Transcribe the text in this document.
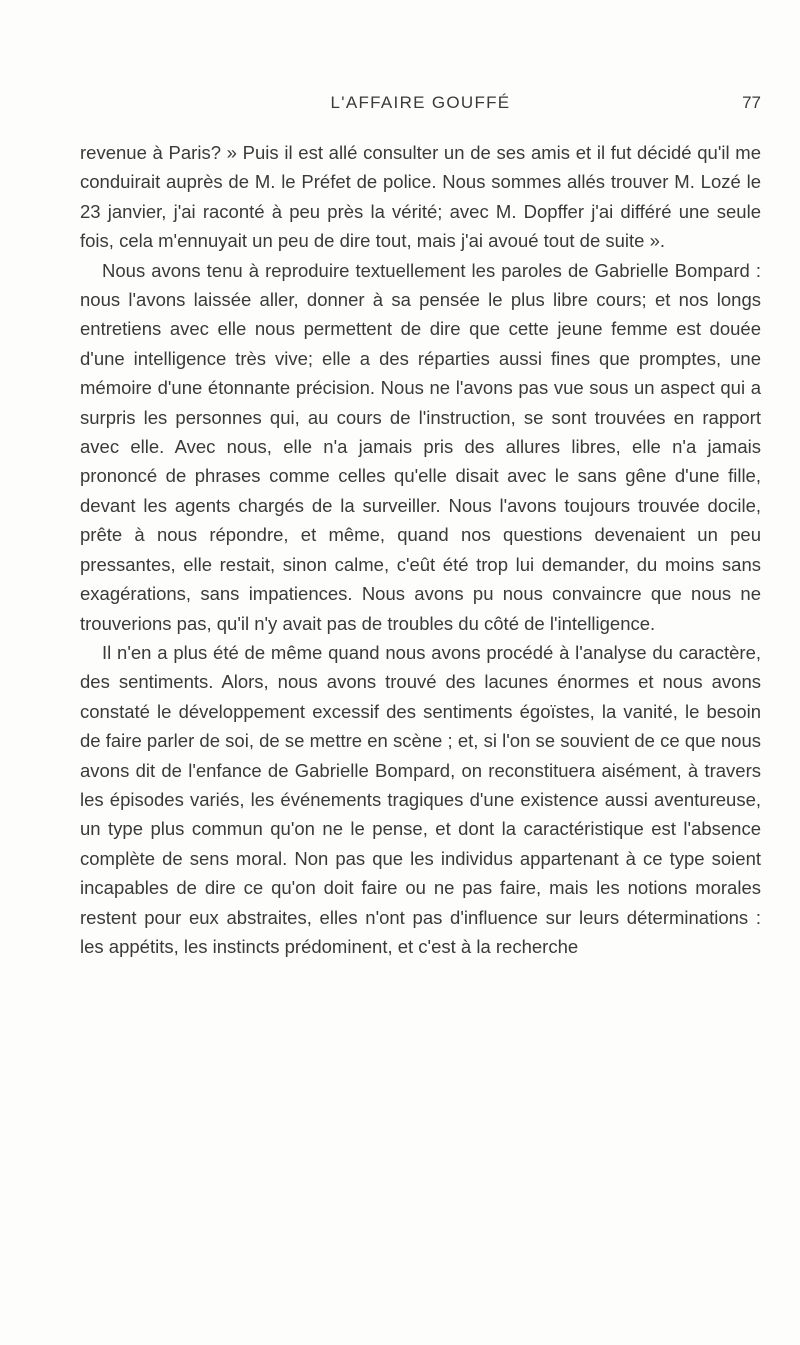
L'AFFAIRE GOUFFÉ	77

revenue à Paris? » Puis il est allé consulter un de ses amis et il fut décidé qu'il me conduirait auprès de M. le Préfet de police. Nous sommes allés trouver M. Lozé le 23 janvier, j'ai raconté à peu près la vérité; avec M. Dopffer j'ai différé une seule fois, cela m'ennuyait un peu de dire tout, mais j'ai avoué tout de suite ».

Nous avons tenu à reproduire textuellement les paroles de Gabrielle Bompard : nous l'avons laissée aller, donner à sa pensée le plus libre cours; et nos longs entretiens avec elle nous permettent de dire que cette jeune femme est douée d'une intelligence très vive; elle a des réparties aussi fines que promptes, une mémoire d'une étonnante précision. Nous ne l'avons pas vue sous un aspect qui a surpris les personnes qui, au cours de l'instruction, se sont trouvées en rapport avec elle. Avec nous, elle n'a jamais pris des allures libres, elle n'a jamais prononcé de phrases comme celles qu'elle disait avec le sans gêne d'une fille, devant les agents chargés de la surveiller. Nous l'avons toujours trouvée docile, prête à nous répondre, et même, quand nos questions devenaient un peu pressantes, elle restait, sinon calme, c'eût été trop lui demander, du moins sans exagérations, sans impatiences. Nous avons pu nous convaincre que nous ne trouverions pas, qu'il n'y avait pas de troubles du côté de l'intelligence.

Il n'en a plus été de même quand nous avons procédé à l'analyse du caractère, des sentiments. Alors, nous avons trouvé des lacunes énormes et nous avons constaté le développement excessif des sentiments égoïstes, la vanité, le besoin de faire parler de soi, de se mettre en scène ; et, si l'on se souvient de ce que nous avons dit de l'enfance de Gabrielle Bompard, on reconstituera aisément, à travers les épisodes variés, les événements tragiques d'une existence aussi aventureuse, un type plus commun qu'on ne le pense, et dont la caractéristique est l'absence complète de sens moral. Non pas que les individus appartenant à ce type soient incapables de dire ce qu'on doit faire ou ne pas faire, mais les notions morales restent pour eux abstraites, elles n'ont pas d'influence sur leurs déterminations : les appétits, les instincts prédominent, et c'est à la recherche
